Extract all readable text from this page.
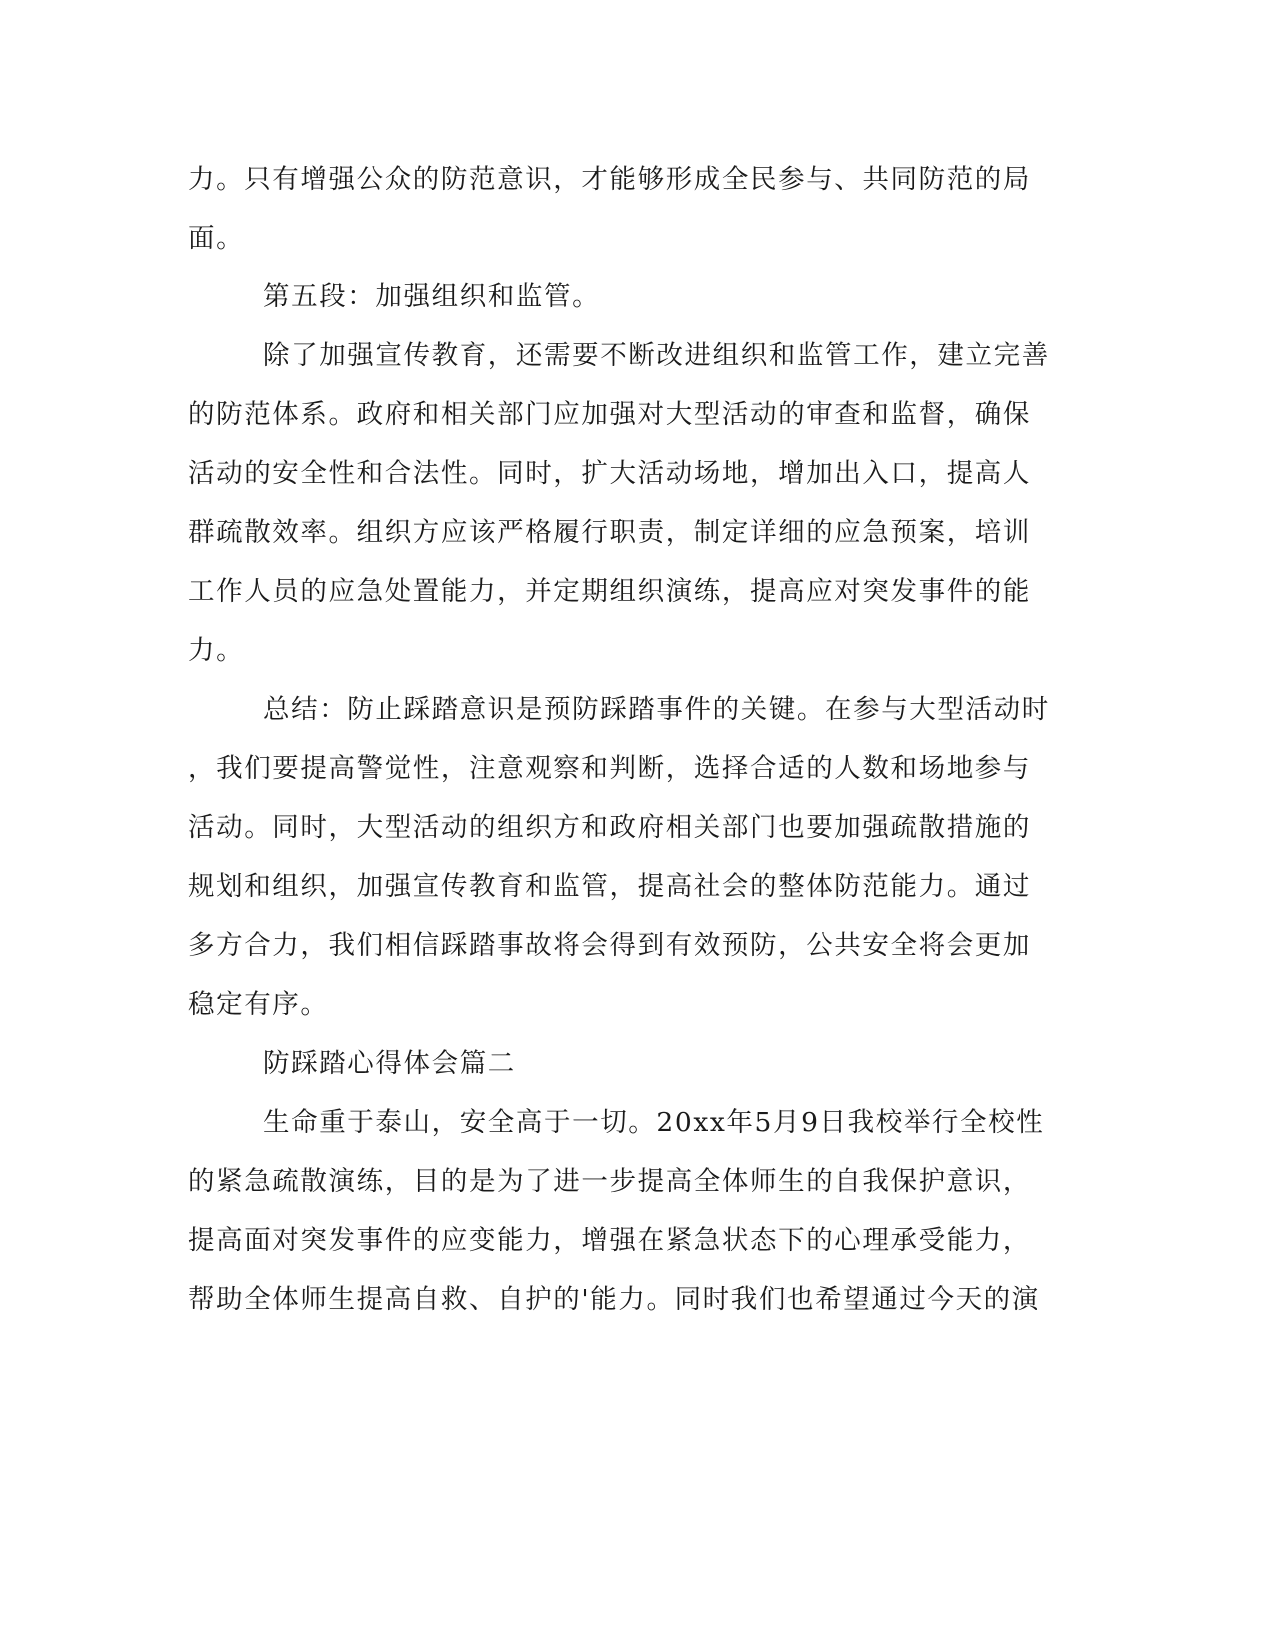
力。只有增强公众的防范意识，才能够形成全民参与、共同防范的局
面。
第五段：加强组织和监管。
除了加强宣传教育，还需要不断改进组织和监管工作，建立完善
的防范体系。政府和相关部门应加强对大型活动的审查和监督，确保
活动的安全性和合法性。同时，扩大活动场地，增加出入口，提高人
群疏散效率。组织方应该严格履行职责，制定详细的应急预案，培训
工作人员的应急处置能力，并定期组织演练，提高应对突发事件的能
力。
总结：防止踩踏意识是预防踩踏事件的关键。在参与大型活动时
，我们要提高警觉性，注意观察和判断，选择合适的人数和场地参与
活动。同时，大型活动的组织方和政府相关部门也要加强疏散措施的
规划和组织，加强宣传教育和监管，提高社会的整体防范能力。通过
多方合力，我们相信踩踏事故将会得到有效预防，公共安全将会更加
稳定有序。
防踩踏心得体会篇二
生命重于泰山，安全高于一切。20xx年5月9日我校举行全校性
的紧急疏散演练，目的是为了进一步提高全体师生的自我保护意识，
提高面对突发事件的应变能力，增强在紧急状态下的心理承受能力，
帮助全体师生提高自救、自护的'能力。同时我们也希望通过今天的演
